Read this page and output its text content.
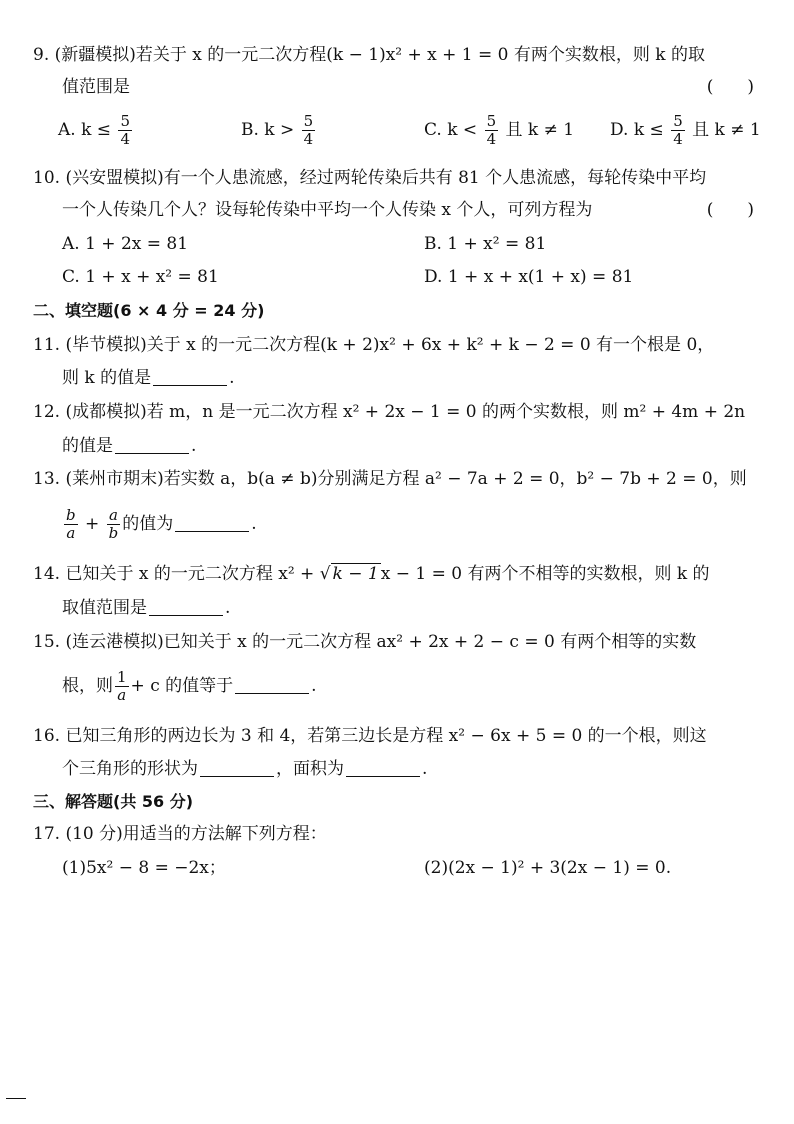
9. (新疆模拟)若关于 x 的一元二次方程(k − 1)x² + x + 1 = 0 有两个实数根，则 k 的取
值范围是	(　　)
A. $k \le \frac{5}{4}$	B. $k > \frac{5}{4}$	C. $k < \frac{5}{4}$ 且 k ≠ 1 D. $k \le \frac{5}{4}$ 且 k ≠ 1
10. (兴安盟模拟)有一个人患流感，经过两轮传染后共有 81 个人患流感，每轮传染中平均
一个人传染几个人？设每轮传染中平均一个人传染 x 个人，可列方程为	(　　)
A. 1 + 2x = 81	B. 1 + x² = 81
C. 1 + x + x² = 81	D. 1 + x + x(1 + x) = 81
二、填空题(6 × 4 分 = 24 分)
11. (毕节模拟)关于 x 的一元二次方程(k + 2)x² + 6x + k² + k − 2 = 0 有一个根是 0，
则 k 的值是	.
12. (成都模拟)若 m，n 是一元二次方程 x² + 2x − 1 = 0 的两个实数根，则 m² + 4m + 2n
的值是	.
13. (莱州市期末)若实数 a，b(a ≠ b)分别满足方程 a² − 7a + 2 = 0，b² − 7b + 2 = 0，则
$\frac{b}{a} + \frac{a}{b}$ 的值为	.
14. 已知关于 x 的一元二次方程 x² + √ k − 1 x − 1 = 0 有两个不相等的实数根，则 k 的
取值范围是	.
15. (连云港模拟)已知关于 x 的一元二次方程 ax² + 2x + 2 − c = 0 有两个相等的实数
根，则 $\frac{1}{a} + c$ 的值等于	.
16. 已知三角形的两边长为 3 和 4，若第三边长是方程 x² − 6x + 5 = 0 的一个根，则这
个三角形的形状为	，面积为	.
三、解答题(共 56 分)
17. (10 分)用适当的方法解下列方程：
(1)5x² − 8 = −2x；	(2)(2x − 1)² + 3(2x − 1) = 0.
